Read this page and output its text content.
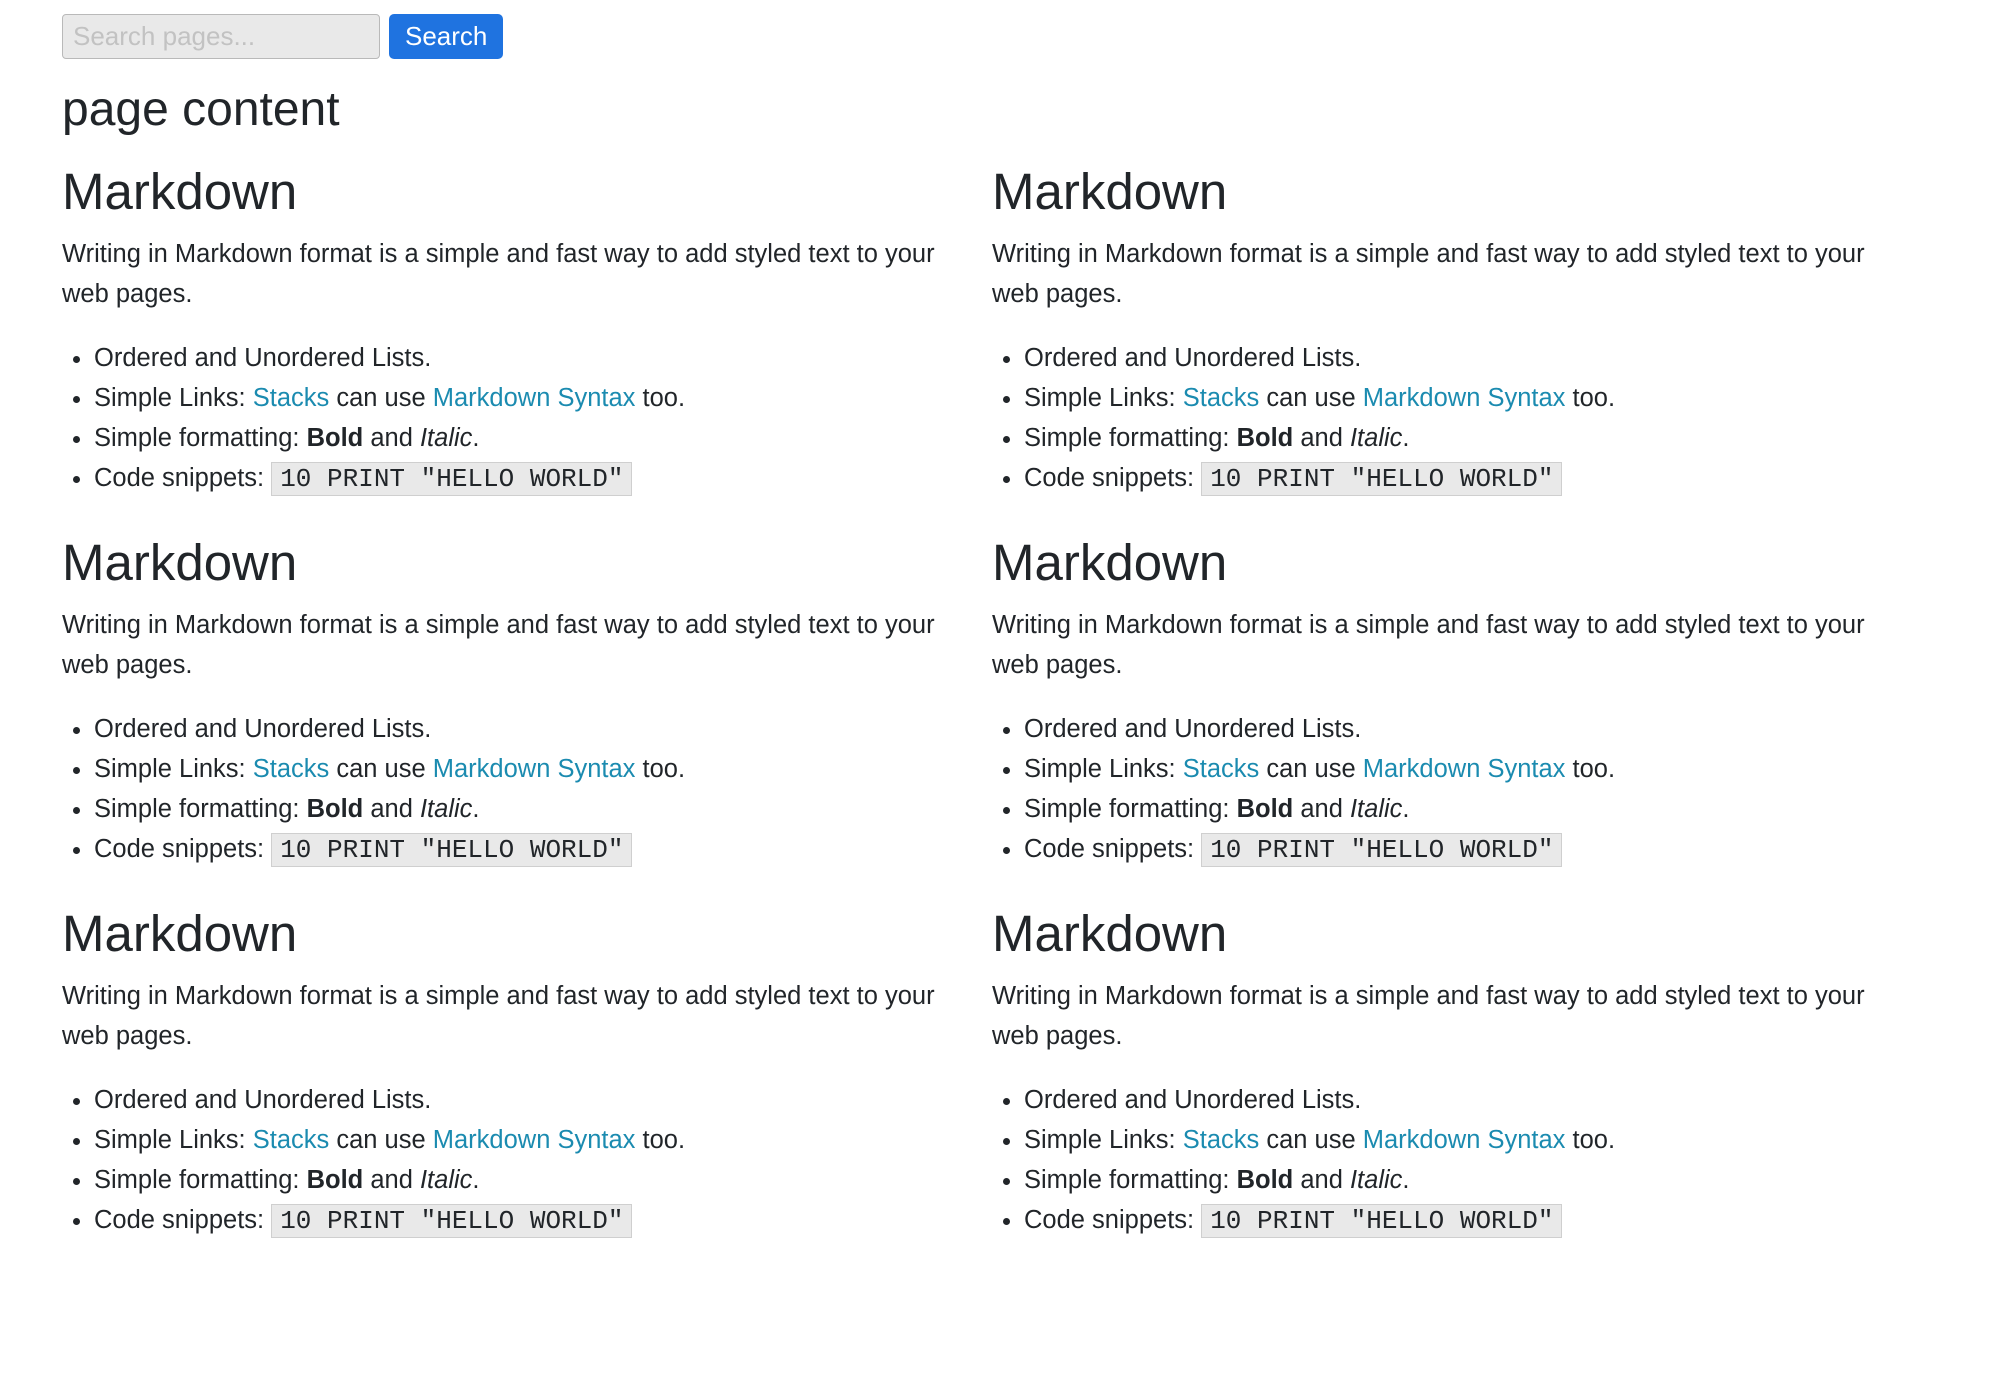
Search pages...
Search
page content
Markdown

Writing in Markdown format is a simple and fast way to add styled text to your web pages.

• Ordered and Unordered Lists.
• Simple Links: Stacks can use Markdown Syntax too.
• Simple formatting: Bold and Italic.
• Code snippets: 10 PRINT "HELLO WORLD"
Markdown

Writing in Markdown format is a simple and fast way to add styled text to your web pages.

• Ordered and Unordered Lists.
• Simple Links: Stacks can use Markdown Syntax too.
• Simple formatting: Bold and Italic.
• Code snippets: 10 PRINT "HELLO WORLD"
Markdown

Writing in Markdown format is a simple and fast way to add styled text to your web pages.

• Ordered and Unordered Lists.
• Simple Links: Stacks can use Markdown Syntax too.
• Simple formatting: Bold and Italic.
• Code snippets: 10 PRINT "HELLO WORLD"
Markdown

Writing in Markdown format is a simple and fast way to add styled text to your web pages.

• Ordered and Unordered Lists.
• Simple Links: Stacks can use Markdown Syntax too.
• Simple formatting: Bold and Italic.
• Code snippets: 10 PRINT "HELLO WORLD"
Markdown

Writing in Markdown format is a simple and fast way to add styled text to your web pages.

• Ordered and Unordered Lists.
• Simple Links: Stacks can use Markdown Syntax too.
• Simple formatting: Bold and Italic.
• Code snippets: 10 PRINT "HELLO WORLD"
Markdown

Writing in Markdown format is a simple and fast way to add styled text to your web pages.

• Ordered and Unordered Lists.
• Simple Links: Stacks can use Markdown Syntax too.
• Simple formatting: Bold and Italic.
• Code snippets: 10 PRINT "HELLO WORLD"
